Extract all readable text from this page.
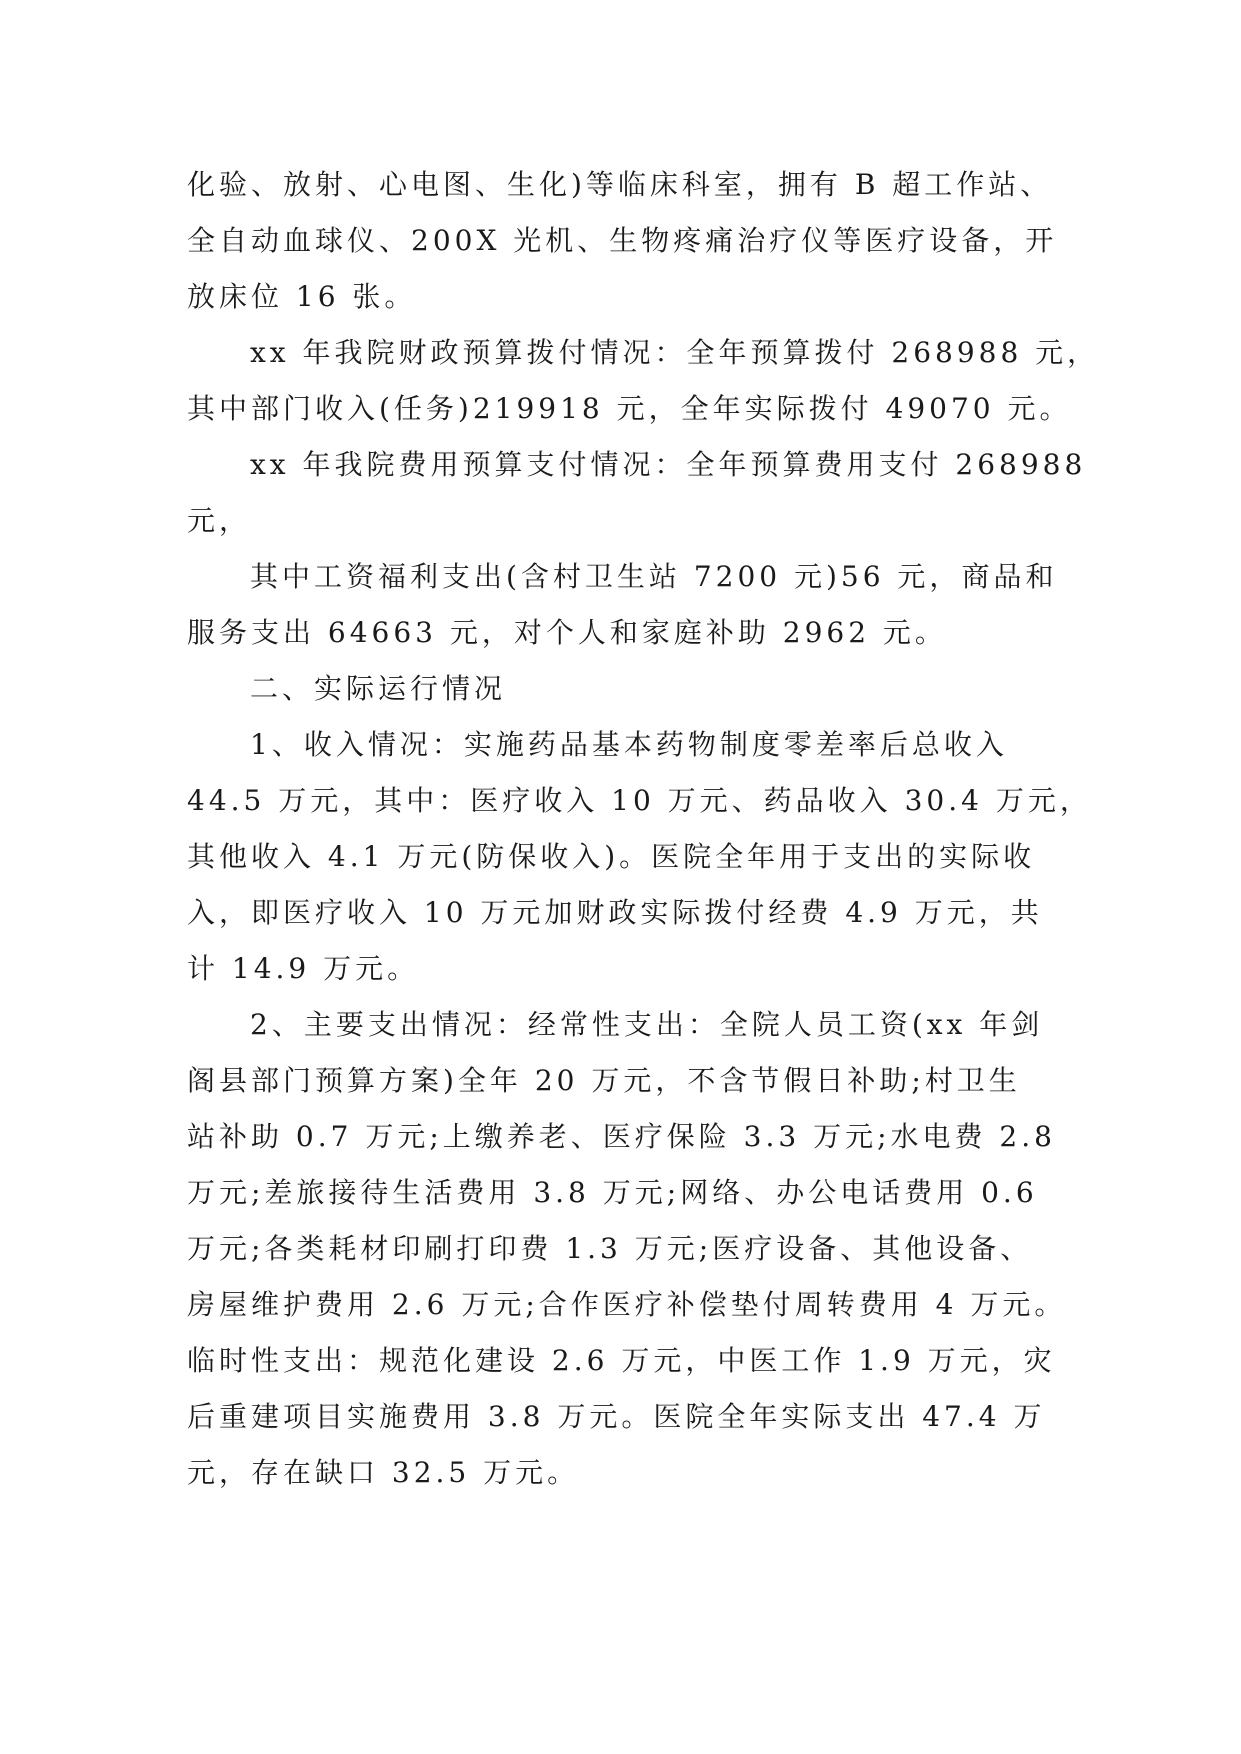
化验、放射、心电图、生化)等临床科室，拥有 B 超工作站、
全自动血球仪、200X 光机、生物疼痛治疗仪等医疗设备，开
放床位 16 张。
xx 年我院财政预算拨付情况：全年预算拨付 268988 元，
其中部门收入(任务)219918 元，全年实际拨付 49070 元。
xx 年我院费用预算支付情况：全年预算费用支付 268988
元，
其中工资福利支出(含村卫生站 7200 元)56 元，商品和
服务支出 64663 元，对个人和家庭补助 2962 元。
二、实际运行情况
1、收入情况：实施药品基本药物制度零差率后总收入
44.5 万元，其中：医疗收入 10 万元、药品收入 30.4 万元，
其他收入 4.1 万元(防保收入)。医院全年用于支出的实际收
入，即医疗收入 10 万元加财政实际拨付经费 4.9 万元，共
计 14.9 万元。
2、主要支出情况：经常性支出：全院人员工资(xx 年剑
阁县部门预算方案)全年 20 万元，不含节假日补助;村卫生
站补助 0.7 万元;上缴养老、医疗保险 3.3 万元;水电费 2.8
万元;差旅接待生活费用 3.8 万元;网络、办公电话费用 0.6
万元;各类耗材印刷打印费 1.3 万元;医疗设备、其他设备、
房屋维护费用 2.6 万元;合作医疗补偿垫付周转费用 4 万元。
临时性支出：规范化建设 2.6 万元，中医工作 1.9 万元，灾
后重建项目实施费用 3.8 万元。医院全年实际支出 47.4 万
元，存在缺口 32.5 万元。
